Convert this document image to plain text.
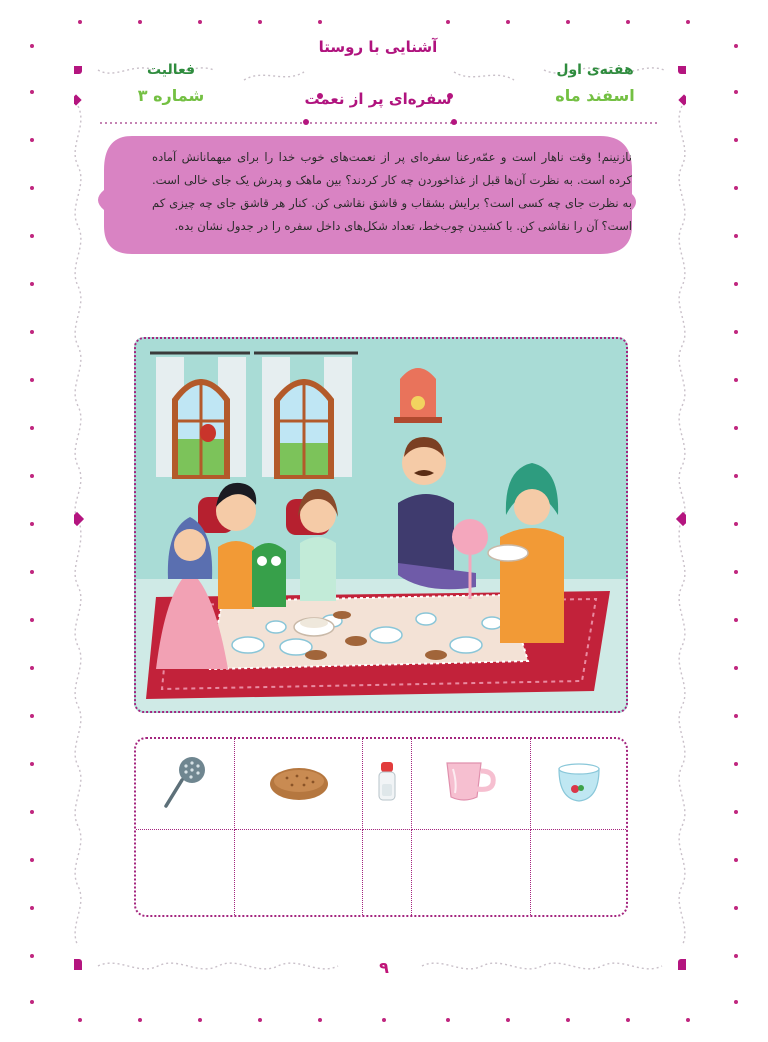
هفته‌ی اول
اسفند ماه
فعالیت
شماره ۳
آشنایی با روستا
سفره‌ای پر از نعمت
نازنینم! وقت ناهار است و عمّه‌رعنا سفره‌ای پر از نعمت‌های خوب خدا را برای میهمانانش آماده کرده است. به نظرت آن‌ها قبل از غذاخوردن چه کار کردند؟ بین ماهک و پدرش یک جای خالی است. به نظرت جای چه کسی است؟ برایش بشقاب و قاشق نقاشی کن. کنار هر قاشق جای چه چیزی کم است؟ آن را نقاشی کن. با کشیدن چوب‌خط، تعداد شکل‌های داخل سفره را در جدول نشان بده.

۹
